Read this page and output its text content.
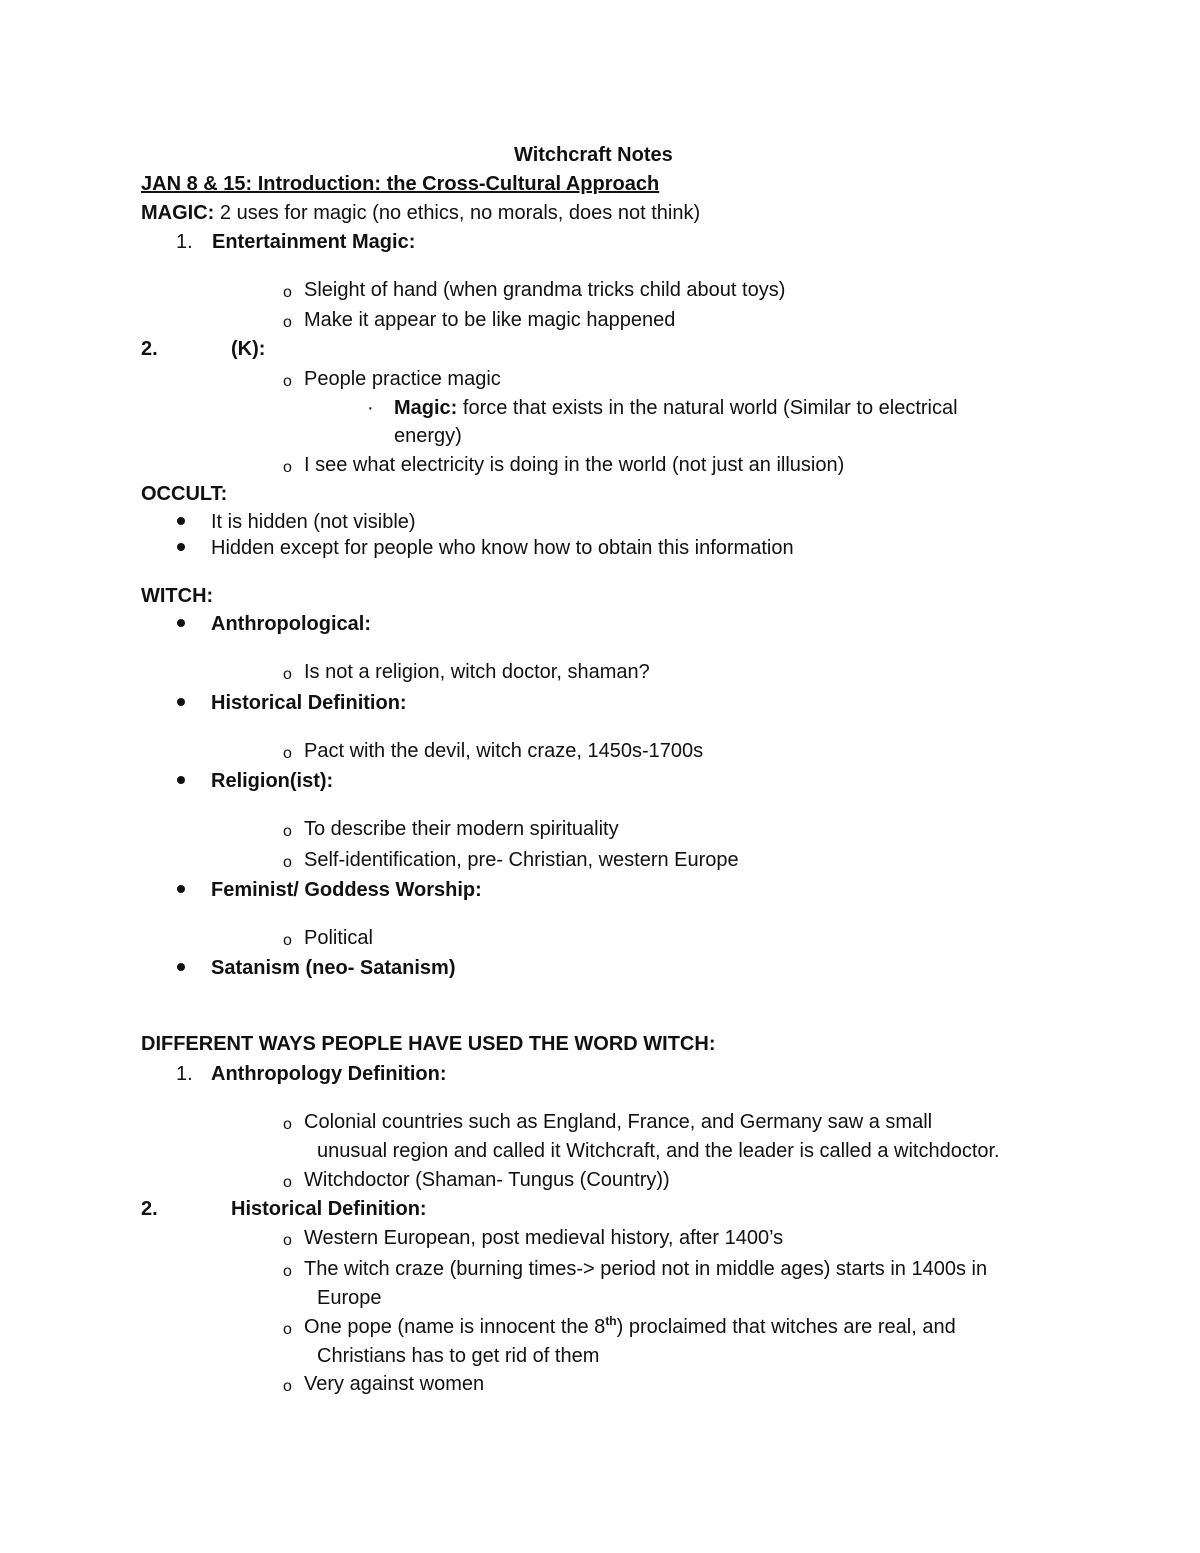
Witchcraft Notes
JAN 8 & 15: Introduction: the Cross-Cultural Approach
MAGIC: 2 uses for magic (no ethics, no morals, does not think)
1. Entertainment Magic:
o Sleight of hand (when grandma tricks child about toys)
o Make it appear to be like magic happened
2.	(K):
o People practice magic
· Magic: force that exists in the natural world (Similar to electrical
energy)
o I see what electricity is doing in the world (not just an illusion)
OCCULT:
It is hidden (not visible)
Hidden except for people who know how to obtain this information
WITCH:
Anthropological:
o Is not a religion, witch doctor, shaman?
Historical Definition:
o Pact with the devil, witch craze, 1450s-1700s
Religion(ist):
o To describe their modern spirituality
o Self-identification, pre- Christian, western Europe
Feminist/ Goddess Worship:
o Political
Satanism (neo- Satanism)
DIFFERENT WAYS PEOPLE HAVE USED THE WORD WITCH:
1. Anthropology Definition:
o Colonial countries such as England, France, and Germany saw a small
unusual region and called it Witchcraft, and the leader is called a witchdoctor.
o Witchdoctor (Shaman- Tungus (Country))
2.	Historical Definition:
o Western European, post medieval history, after 1400’s
o The witch craze (burning times-> period not in middle ages) starts in 1400s in
Europe
o One pope (name is innocent the 8th) proclaimed that witches are real, and
Christians has to get rid of them
o Very against women
